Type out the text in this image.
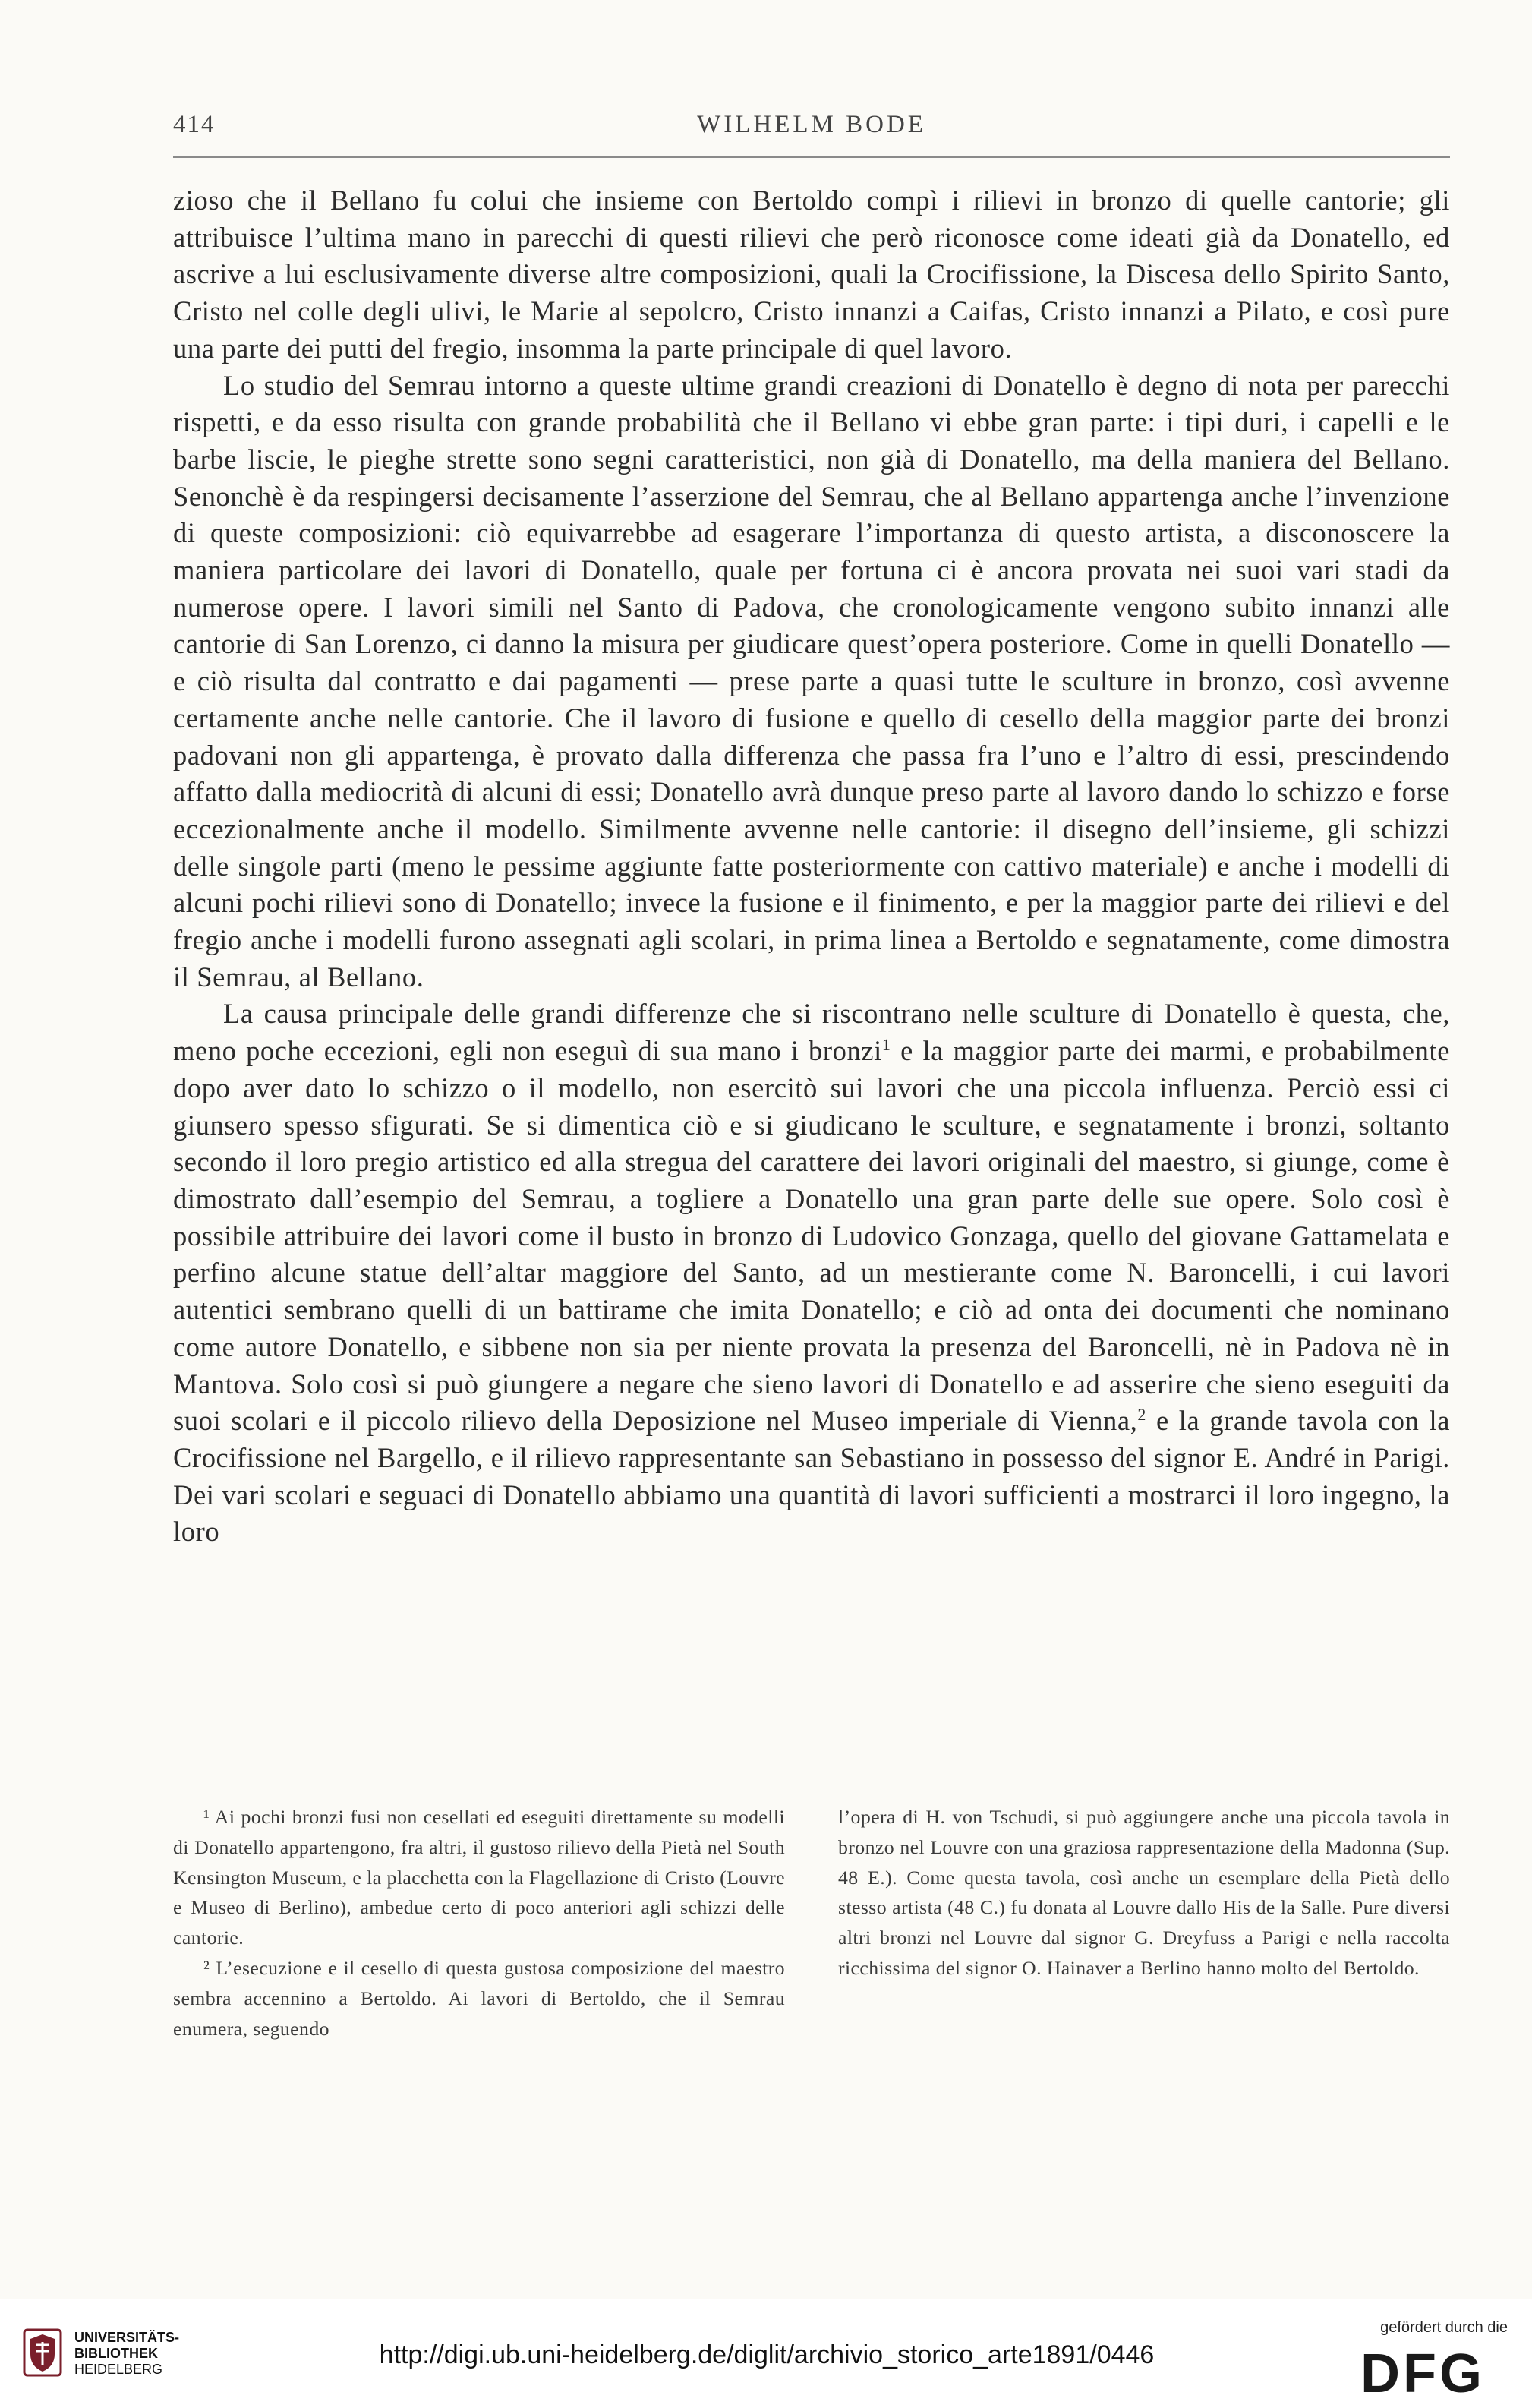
414	WILHELM BODE

zioso che il Bellano fu colui che insieme con Bertoldo compì i rilievi in bronzo di quelle cantorie; gli attribuisce l’ultima mano in parecchi di questi rilievi che però riconosce come ideati già da Donatello, ed ascrive a lui esclusivamente diverse altre composizioni, quali la Crocifissione, la Discesa dello Spirito Santo, Cristo nel colle degli ulivi, le Marie al sepolcro, Cristo innanzi a Caifas, Cristo innanzi a Pilato, e così pure una parte dei putti del fregio, insomma la parte principale di quel lavoro.

Lo studio del Semrau intorno a queste ultime grandi creazioni di Donatello è degno di nota per parecchi rispetti, e da esso risulta con grande probabilità che il Bellano vi ebbe gran parte: i tipi duri, i capelli e le barbe liscie, le pieghe strette sono segni caratteristici, non già di Donatello, ma della maniera del Bellano. Senonchè è da respingersi decisamente l’asserzione del Semrau, che al Bellano appartenga anche l’invenzione di queste composizioni: ciò equivarrebbe ad esagerare l’importanza di questo artista, a disconoscere la maniera particolare dei lavori di Donatello, quale per fortuna ci è ancora provata nei suoi vari stadi da numerose opere. I lavori simili nel Santo di Padova, che cronologicamente vengono subito innanzi alle cantorie di San Lorenzo, ci danno la misura per giudicare quest’opera posteriore. Come in quelli Donatello — e ciò risulta dal contratto e dai pagamenti — prese parte a quasi tutte le sculture in bronzo, così avvenne certamente anche nelle cantorie. Che il lavoro di fusione e quello di cesello della maggior parte dei bronzi padovani non gli appartenga, è provato dalla differenza che passa fra l’uno e l’altro di essi, prescindendo affatto dalla mediocrità di alcuni di essi; Donatello avrà dunque preso parte al lavoro dando lo schizzo e forse eccezionalmente anche il modello. Similmente avvenne nelle cantorie: il disegno dell’insieme, gli schizzi delle singole parti (meno le pessime aggiunte fatte posteriormente con cattivo materiale) e anche i modelli di alcuni pochi rilievi sono di Donatello; invece la fusione e il finimento, e per la maggior parte dei rilievi e del fregio anche i modelli furono assegnati agli scolari, in prima linea a Bertoldo e segnatamente, come dimostra il Semrau, al Bellano.

La causa principale delle grandi differenze che si riscontrano nelle sculture di Donatello è questa, che, meno poche eccezioni, egli non eseguì di sua mano i bronzi$^1$ e la maggior parte dei marmi, e probabilmente dopo aver dato lo schizzo o il modello, non esercitò sui lavori che una piccola influenza. Perciò essi ci giunsero spesso sfigurati. Se si dimentica ciò e si giudicano le sculture, e segnatamente i bronzi, soltanto secondo il loro pregio artistico ed alla stregua del carattere dei lavori originali del maestro, si giunge, come è dimostrato dall’esempio del Semrau, a togliere a Donatello una gran parte delle sue opere. Solo così è possibile attribuire dei lavori come il busto in bronzo di Ludovico Gonzaga, quello del giovane Gattamelata e perfino alcune statue dell’altar maggiore del Santo, ad un mestierante come N. Baroncelli, i cui lavori autentici sembrano quelli di un battirame che imita Donatello; e ciò ad onta dei documenti che nominano come autore Donatello, e sibbene non sia per niente provata la presenza del Baroncelli, nè in Padova nè in Mantova. Solo così si può giungere a negare che sieno lavori di Donatello e ad asserire che sieno eseguiti da suoi scolari e il piccolo rilievo della Deposizione nel Museo imperiale di Vienna,$^2$ e la grande tavola con la Crocifissione nel Bargello, e il rilievo rappresentante san Sebastiano in possesso del signor E. André in Parigi. Dei vari scolari e seguaci di Donatello abbiamo una quantità di lavori sufficienti a mostrarci il loro ingegno, la loro

¹ Ai pochi bronzi fusi non cesellati ed eseguiti direttamente su modelli di Donatello appartengono, fra altri, il gustoso rilievo della Pietà nel South Kensington Museum, e la placchetta con la Flagellazione di Cristo (Louvre e Museo di Berlino), ambedue certo di poco anteriori agli schizzi delle cantorie.

² L’esecuzione e il cesello di questa gustosa composizione del maestro sembra accennino a Bertoldo. Ai lavori di Bertoldo, che il Semrau enumera, seguendo

l’opera di H. von Tschudi, si può aggiungere anche una piccola tavola in bronzo nel Louvre con una graziosa rappresentazione della Madonna (Sup. 48 E.). Come questa tavola, così anche un esemplare della Pietà dello stesso artista (48 C.) fu donata al Louvre dallo His de la Salle. Pure diversi altri bronzi nel Louvre dal signor G. Dreyfuss a Parigi e nella raccolta ricchissima del signor O. Hainaver a Berlino hanno molto del Bertoldo.

UNIVERSITÄTS-
BIBLIOTHEK
HEIDELBERG	http://digi.ub.uni-heidelberg.de/diglit/archivio_storico_arte1891/0446
gefördert durch die
DFG
